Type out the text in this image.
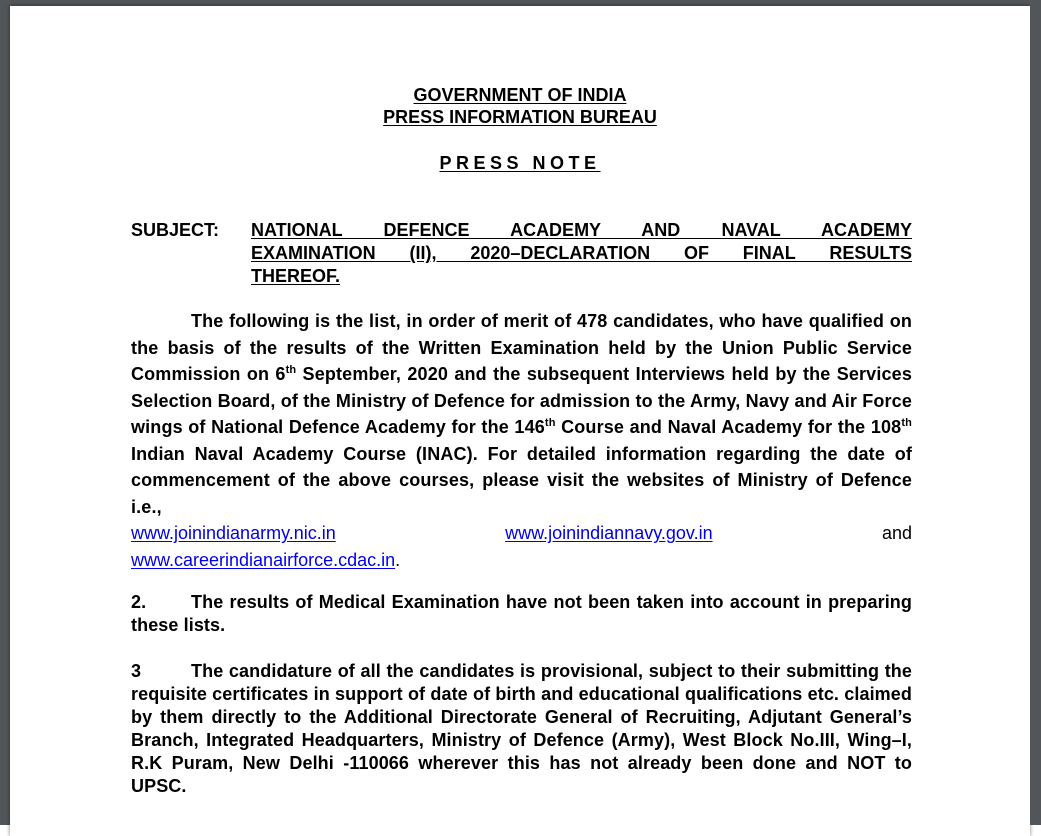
GOVERNMENT OF INDIA
PRESS INFORMATION BUREAU
PRESS NOTE
SUBJECT: NATIONAL DEFENCE ACADEMY AND NAVAL ACADEMY
EXAMINATION (II), 2020–DECLARATION OF FINAL RESULTS
THEREOF.
The following is the list, in order of merit of 478 candidates, who have qualified on the basis of the results of the Written Examination held by the Union Public Service Commission on 6th September, 2020 and the subsequent Interviews held by the Services Selection Board, of the Ministry of Defence for admission to the Army, Navy and Air Force wings of National Defence Academy for the 146th Course and Naval Academy for the 108th Indian Naval Academy Course (INAC). For detailed information regarding the date of commencement of the above courses, please visit the websites of Ministry of Defence i.e.,
www.joinindianarmy.nic.in	www.joinindiannavy.gov.in	and
www.careerindianairforce.cdac.in.
2. The results of Medical Examination have not been taken into account in preparing these lists.
3	The candidature of all the candidates is provisional, subject to their submitting the requisite certificates in support of date of birth and educational qualifications etc. claimed by them directly to the Additional Directorate General of Recruiting, Adjutant General’s Branch, Integrated Headquarters, Ministry of Defence (Army), West Block No.III, Wing–I, R.K Puram, New Delhi -110066 wherever this has not already been done and NOT to UPSC.
